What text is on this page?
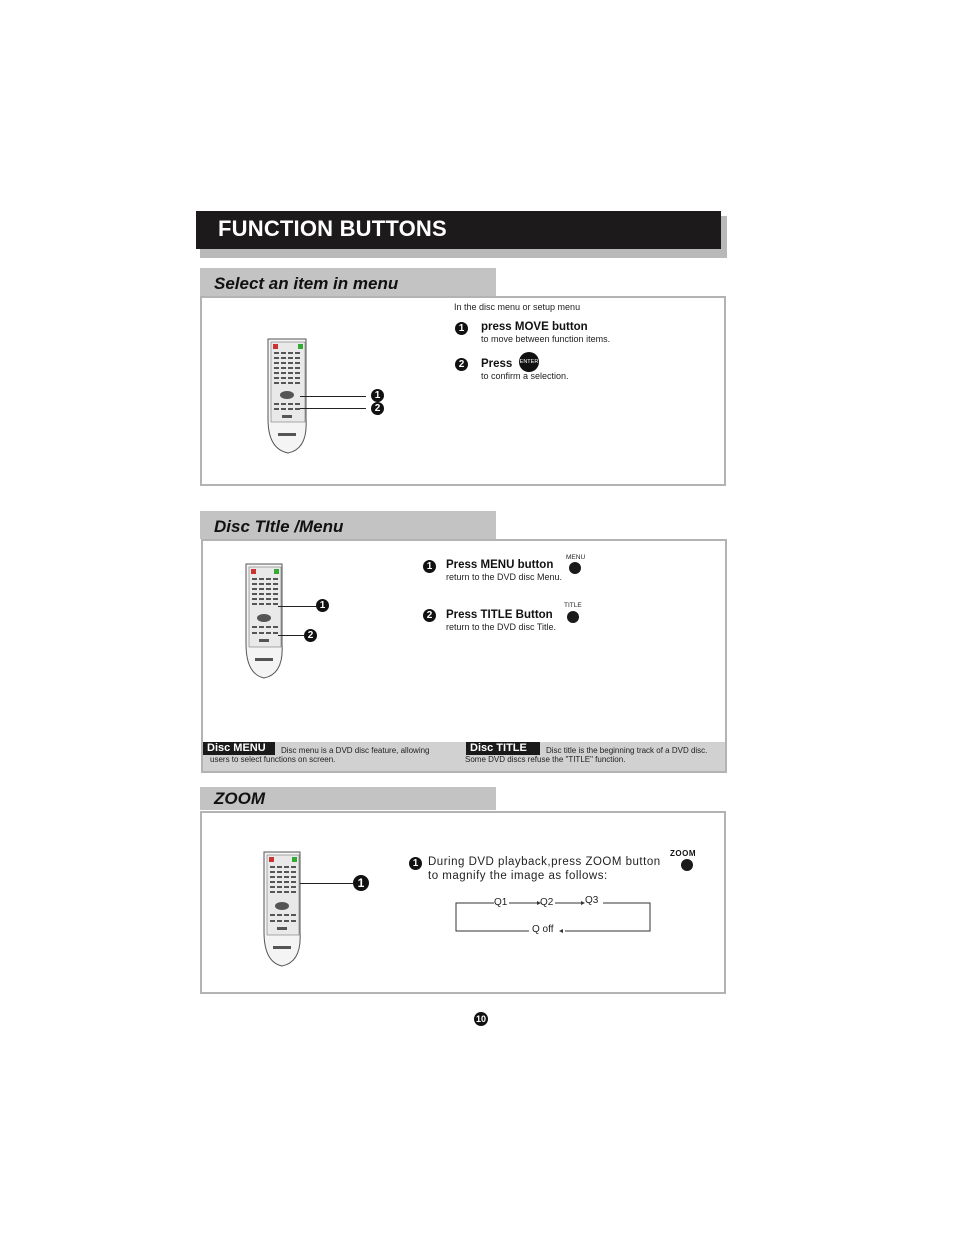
FUNCTION BUTTONS
Select an item in menu
1
2
In the disc menu or setup menu
1	press MOVE button
to move between function items.
2	Press ENTER
to confirm a selection.
Disc TItle /Menu
1
2
1	Press MENU button
return to the DVD disc Menu.
MENU
2	Press TITLE Button
return to the DVD disc Title.
TITLE
Disc MENU	Disc menu is a DVD disc feature, allowing
users to select functions on screen.
Disc TITLE	Disc title is the beginning track of a DVD disc.
Some DVD discs refuse the "TITLE" function.
ZOOM
1
1 During DVD playback,press ZOOM button
to magnify the image as follows:
ZOOM
Q1	Q2	Q3
Q off
10
